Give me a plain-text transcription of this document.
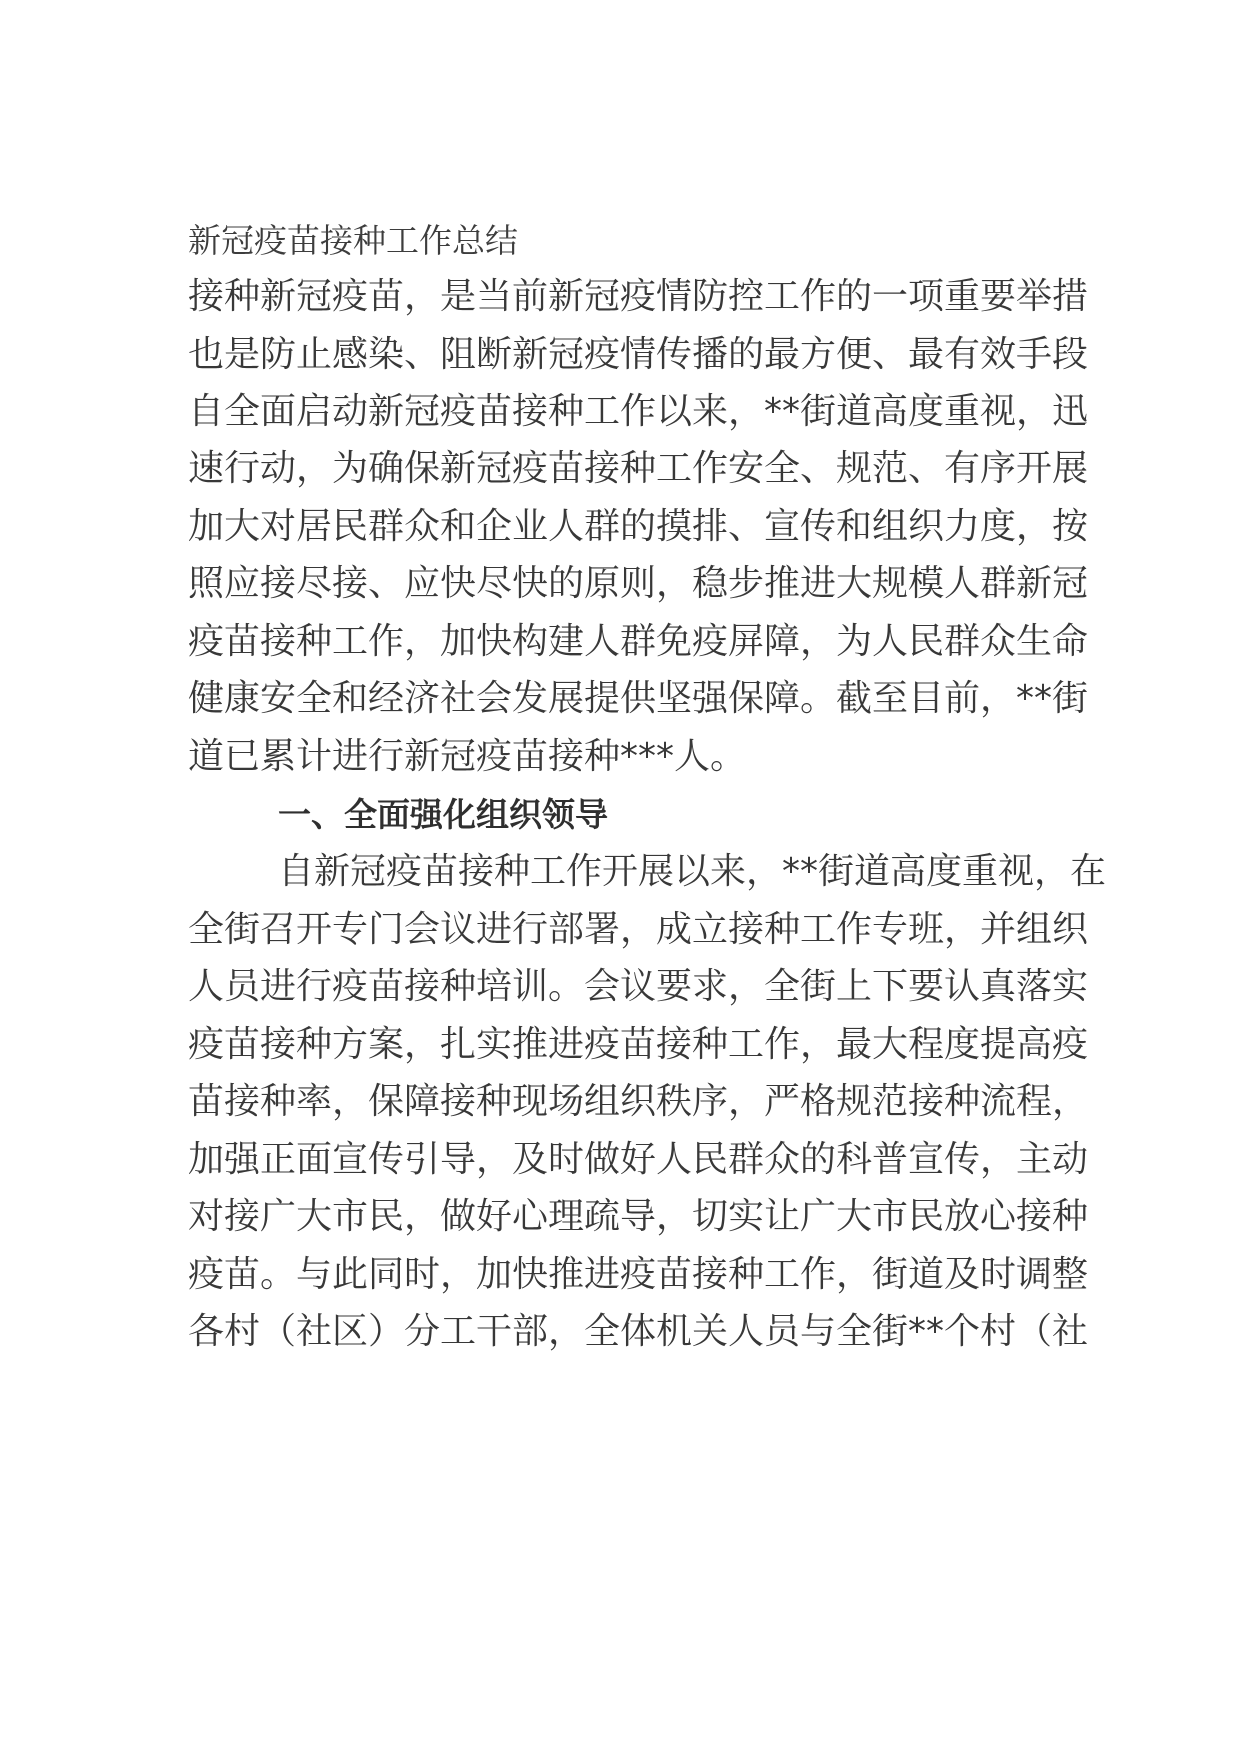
新冠疫苗接种工作总结
接种新冠疫苗，是当前新冠疫情防控工作的一项重要举措
也是防止感染、阻断新冠疫情传播的最方便、最有效手段
自全面启动新冠疫苗接种工作以来，**街道高度重视，迅
速行动，为确保新冠疫苗接种工作安全、规范、有序开展
加大对居民群众和企业人群的摸排、宣传和组织力度，按
照应接尽接、应快尽快的原则，稳步推进大规模人群新冠
疫苗接种工作，加快构建人群免疫屏障，为人民群众生命
健康安全和经济社会发展提供坚强保障。截至目前，**街
道已累计进行新冠疫苗接种***人。
一、全面强化组织领导
自新冠疫苗接种工作开展以来，**街道高度重视，在
全街召开专门会议进行部署，成立接种工作专班，并组织
人员进行疫苗接种培训。会议要求，全街上下要认真落实
疫苗接种方案，扎实推进疫苗接种工作，最大程度提高疫
苗接种率，保障接种现场组织秩序，严格规范接种流程，
加强正面宣传引导，及时做好人民群众的科普宣传，主动
对接广大市民，做好心理疏导，切实让广大市民放心接种
疫苗。与此同时，加快推进疫苗接种工作，街道及时调整
各村（社区）分工干部，全体机关人员与全街**个村（社
